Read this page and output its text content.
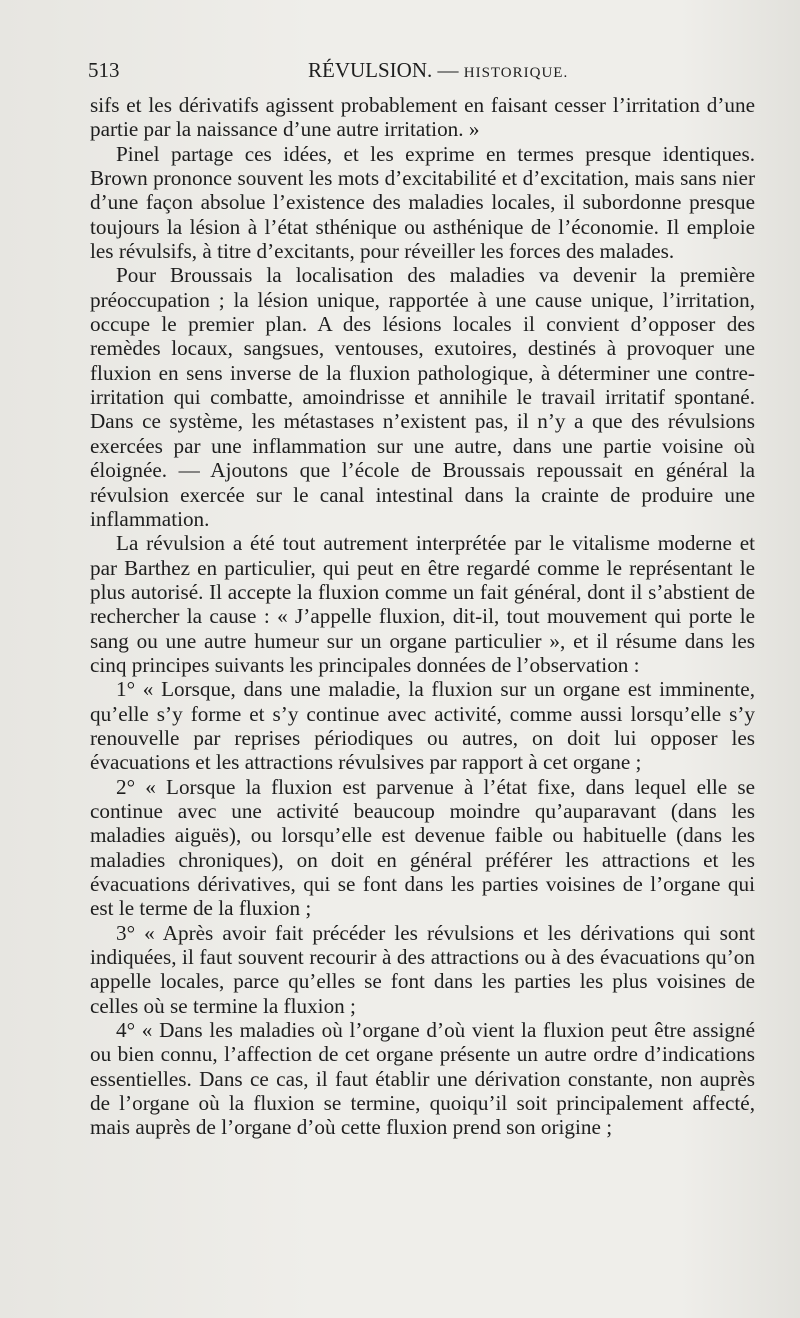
513	RÉVULSION. — HISTORIQUE.

sifs et les dérivatifs agissent probablement en faisant cesser l’irritation d’une partie par la naissance d’une autre irritation. »

Pinel partage ces idées, et les exprime en termes presque identiques. Brown prononce souvent les mots d’excitabilité et d’excitation, mais sans nier d’une façon absolue l’existence des maladies locales, il subordonne presque toujours la lésion à l’état sthénique ou asthénique de l’économie. Il emploie les révulsifs, à titre d’excitants, pour réveiller les forces des malades.

Pour Broussais la localisation des maladies va devenir la première préoccupation ; la lésion unique, rapportée à une cause unique, l’irritation, occupe le premier plan. A des lésions locales il convient d’opposer des remèdes locaux, sangsues, ventouses, exutoires, destinés à provoquer une fluxion en sens inverse de la fluxion pathologique, à déterminer une contre-irritation qui combatte, amoindrisse et annihile le travail irritatif spontané. Dans ce système, les métastases n’existent pas, il n’y a que des révulsions exercées par une inflammation sur une autre, dans une partie voisine où éloignée. — Ajoutons que l’école de Broussais repoussait en général la révulsion exercée sur le canal intestinal dans la crainte de produire une inflammation.

La révulsion a été tout autrement interprétée par le vitalisme moderne et par Barthez en particulier, qui peut en être regardé comme le représentant le plus autorisé. Il accepte la fluxion comme un fait général, dont il s’abstient de rechercher la cause : « J’appelle fluxion, dit-il, tout mouvement qui porte le sang ou une autre humeur sur un organe particulier », et il résume dans les cinq principes suivants les principales données de l’observation :

1° « Lorsque, dans une maladie, la fluxion sur un organe est imminente, qu’elle s’y forme et s’y continue avec activité, comme aussi lorsqu’elle s’y renouvelle par reprises périodiques ou autres, on doit lui opposer les évacuations et les attractions révulsives par rapport à cet organe ;

2° « Lorsque la fluxion est parvenue à l’état fixe, dans lequel elle se continue avec une activité beaucoup moindre qu’auparavant (dans les maladies aiguës), ou lorsqu’elle est devenue faible ou habituelle (dans les maladies chroniques), on doit en général préférer les attractions et les évacuations dérivatives, qui se font dans les parties voisines de l’organe qui est le terme de la fluxion ;

3° « Après avoir fait précéder les révulsions et les dérivations qui sont indiquées, il faut souvent recourir à des attractions ou à des évacuations qu’on appelle locales, parce qu’elles se font dans les parties les plus voisines de celles où se termine la fluxion ;

4° « Dans les maladies où l’organe d’où vient la fluxion peut être assigné ou bien connu, l’affection de cet organe présente un autre ordre d’indications essentielles. Dans ce cas, il faut établir une dérivation constante, non auprès de l’organe où la fluxion se termine, quoiqu’il soit principalement affecté, mais auprès de l’organe d’où cette fluxion prend son origine ;
